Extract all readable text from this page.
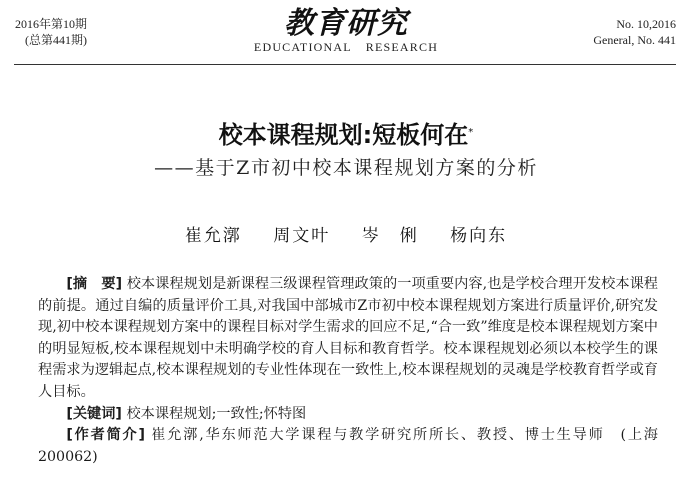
2016年第10期
(总第441期)	教育研究
EDUCATIONAL RESEARCH
No. 10,2016
General, No. 441
校本课程规划:短板何在*
——基于Z市初中校本课程规划方案的分析
崔允漷 周文叶 岑　俐 杨向东

[摘　要] 校本课程规划是新课程三级课程管理政策的一项重要内容,也是学校合理开发校本课程的前提。通过自编的质量评价工具,对我国中部城市Z市初中校本课程规划方案进行质量评价,研究发现,初中校本课程规划方案中的课程目标对学生需求的回应不足,“合一致”维度是校本课程规划方案中的明显短板,校本课程规划中未明确学校的育人目标和教育哲学。校本课程规划必须以本校学生的课程需求为逻辑起点,校本课程规划的专业性体现在一致性上,校本课程规划的灵魂是学校教育哲学或育人目标。

[关键词] 校本课程规划;一致性;怀特图

[作者简介] 崔允漷,华东师范大学课程与教学研究所所长、教授、博士生导师　(上海　200062)
